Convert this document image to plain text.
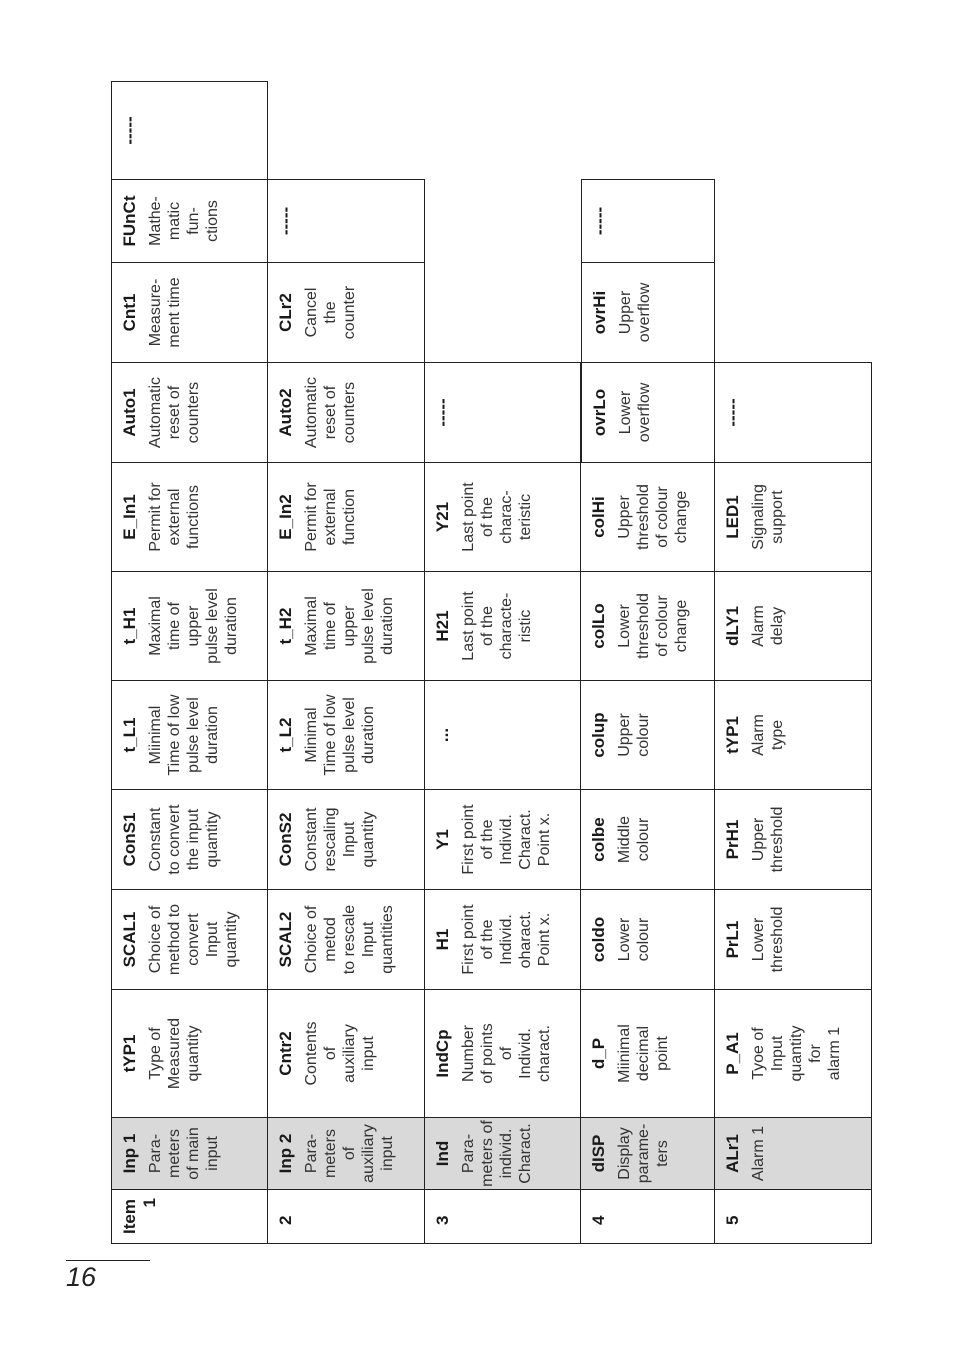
16
Item 1
Inp 1 Para-
meters
of main
input
tYP1 Type of
Measured
quantity
SCAL1 Choice of
method to
convert
Input
quantity
ConS1 Constant
to convert
the input
quantity
t_L1 Miinimal
Time of low
pulse level
duration
t_H1 Maximal
time of
upper
pulse level
duration
E_In1 Permit for
external
functions
Auto1 Automatic
reset of
counters
Cnt1 Measure-
ment time
FUnCt Mathe-
matic
fun-
ctions
-----
2
Inp 2 Para-
meters
of
auxiliary
input
Cntr2 Contents
of
auxiliary
input
SCAL2 Choice of
metod
to rescale
Input
quantities
ConS2 Constant
rescaling
Input
quantity
t_L2 Minimal
Time of low
pulse level
duration
t_H2 Maximal
time of
upper
pulse level
duration
E_In2 Permit for
external
function
Auto2 Automatic
reset of
counters
CLr2 Cancel
the
counter
-----
3
Ind Para-
meters of
individ.
Charact.
IndCp Number
of points
of
Individ.
charact.
H1
First point
of the
Individ.
oharact.
Point x.
Y1
First point
of the
Individ.
Charact.
Point x.
...
H21
Last point
of the
characte-
ristic
Y21
Last point
of the
charac-
teristic
-----
4
dISP Display
parame-
ters
d_P Miinimal
decimal
point
coldo Lower
colour
colbe Middle
colour
colup Upper
colour
colLo Lower
threshold
of colour
change
colHi Upper
threshold
of colour
change
ovrLo Lower
overflow
ovrHi Upper
overflow
-----
5
ALr1 Alarm 1
P_A1 Tyoe of
Input
quantity
for
alarm 1
PrL1 Lower
threshold
PrH1 Upper
threshold
tYP1 Alarm
type
dLY1 Alarm
delay
LED1 Signaling
support
-----
